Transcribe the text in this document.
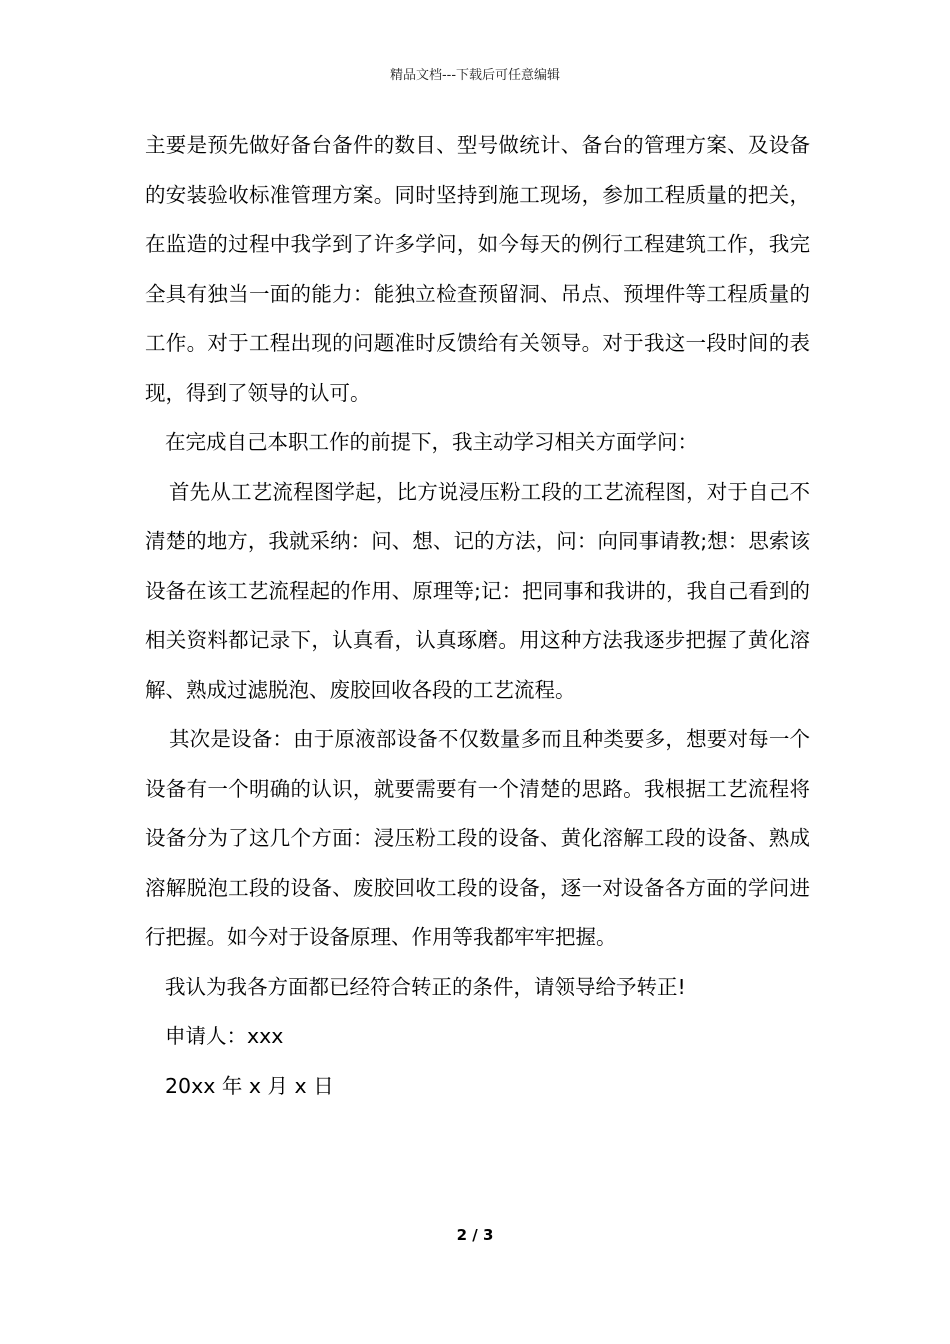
精品文档---下载后可任意编辑

主要是预先做好备台备件的数目、型号做统计、备台的管理方案、及设备的安装验收标准管理方案。同时坚持到施工现场，参加工程质量的把关，在监造的过程中我学到了许多学问，如今每天的例行工程建筑工作，我完全具有独当一面的能力：能独立检查预留洞、吊点、预埋件等工程质量的工作。对于工程出现的问题准时反馈给有关领导。对于我这一段时间的表现，得到了领导的认可。

在完成自己本职工作的前提下，我主动学习相关方面学问：

首先从工艺流程图学起，比方说浸压粉工段的工艺流程图，对于自己不清楚的地方，我就采纳：问、想、记的方法，问：向同事请教;想：思索该设备在该工艺流程起的作用、原理等;记：把同事和我讲的，我自己看到的相关资料都记录下，认真看，认真琢磨。用这种方法我逐步把握了黄化溶解、熟成过滤脱泡、废胶回收各段的工艺流程。

其次是设备：由于原液部设备不仅数量多而且种类要多，想要对每一个设备有一个明确的认识，就要需要有一个清楚的思路。我根据工艺流程将设备分为了这几个方面：浸压粉工段的设备、黄化溶解工段的设备、熟成溶解脱泡工段的设备、废胶回收工段的设备，逐一对设备各方面的学问进行把握。如今对于设备原理、作用等我都牢牢把握。

我认为我各方面都已经符合转正的条件，请领导给予转正!

申请人：xxx

20xx 年 x 月 x 日

2 / 3
